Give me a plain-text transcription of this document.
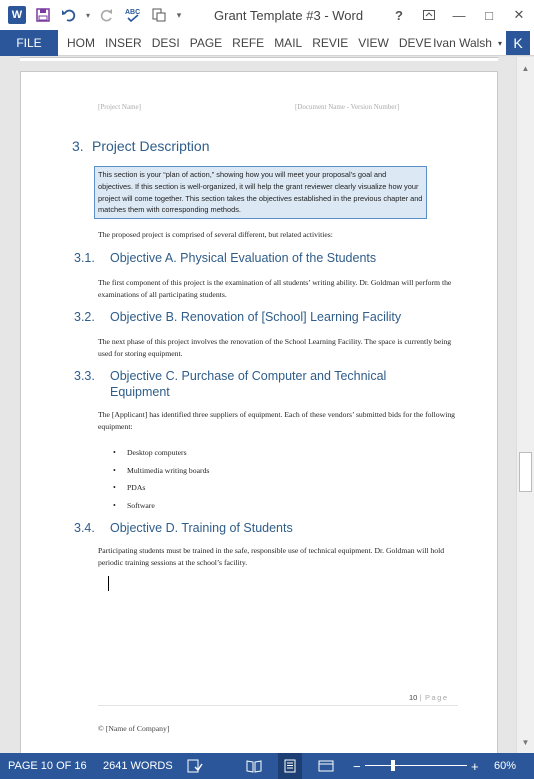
W	▾	ABC	▾	Grant Template #3 - Word	?	—	□	✕
FILE	HOM INSER DESI PAGE REFE MAIL REVIE VIEW DEVE Ivan Walsh ▾ K
[Project Name]	[Document Name - Version Number]
3. Project Description
This section is your “plan of action,” showing how you will meet your proposal’s goal and objectives. If this section is well-organized, it will help the grant reviewer clearly visualize how your project will come together. This section takes the objectives established in the previous chapter and matches them with corresponding methods.
The proposed project is comprised of several different, but related activities:
3.1. Objective A. Physical Evaluation of the Students
The first component of this project is the examination of all students’ writing ability. Dr. Goldman will perform the examinations of all participating students.
3.2. Objective B. Renovation of [School] Learning Facility
The next phase of this project involves the renovation of the School Learning Facility. The space is currently being used for storing equipment.
3.3. Objective C. Purchase of Computer and Technical Equipment
The [Applicant] has identified three suppliers of equipment. Each of these vendors’ submitted bids for the following equipment:
•	Desktop computers
•	Multimedia writing boards
•	PDAs
•	Software
3.4. Objective D. Training of Students
Participating students must be trained in the safe, responsible use of technical equipment. Dr. Goldman will hold periodic training sessions at the school’s facility.
10 | Page
© [Name of Company]
▲
▼
PAGE 10 OF 16 2641 WORDS	−	+ 60%
